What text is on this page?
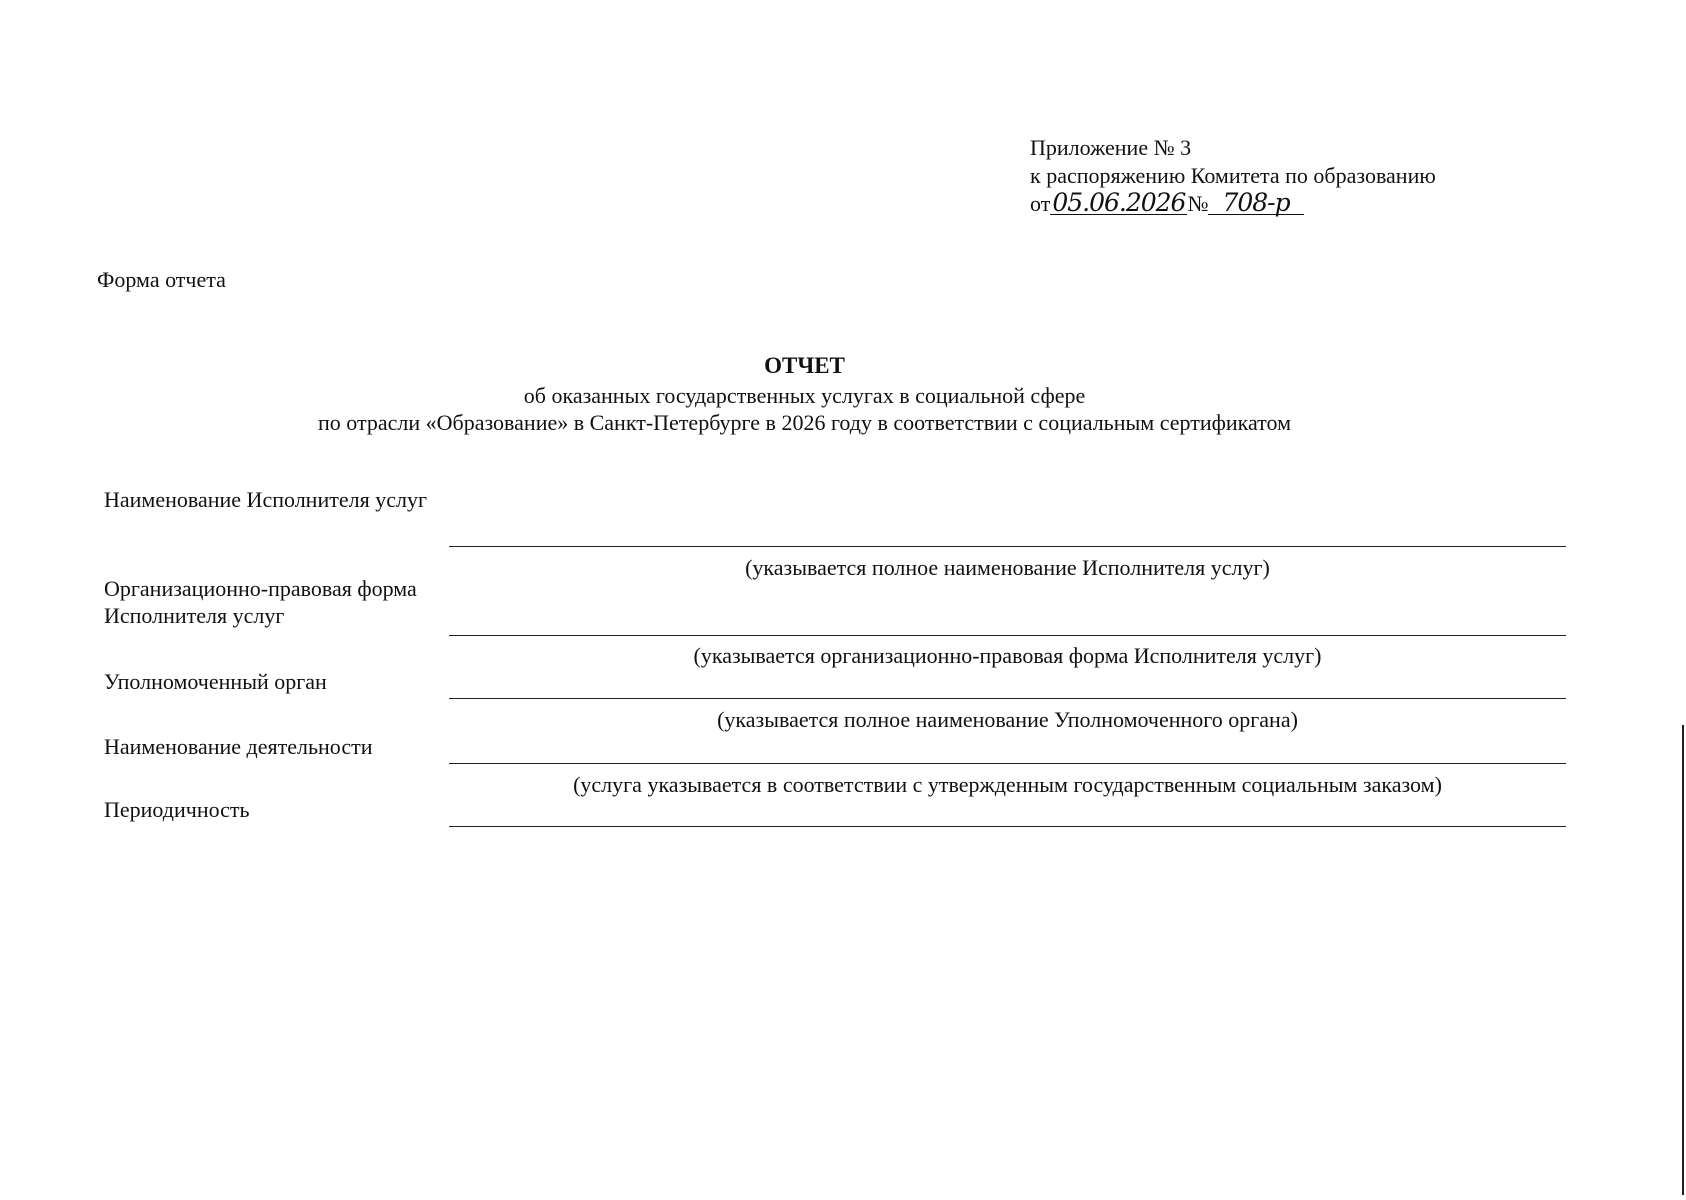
Приложение № 3
к распоряжению Комитета по образованию
от05.06.2026№ 708-р
Форма отчета
ОТЧЕТ
об оказанных государственных услугах в социальной сфере
по отрасли «Образование» в Санкт-Петербурге в 2026 году в соответствии с социальным сертификатом
Наименование Исполнителя услуг
(указывается полное наименование Исполнителя услуг)
Организационно-правовая форма Исполнителя услуг
(указывается организационно-правовая форма Исполнителя услуг)
Уполномоченный орган
(указывается полное наименование Уполномоченного органа)
Наименование деятельности
(услуга указывается в соответствии с утвержденным государственным социальным заказом)
Периодичность
